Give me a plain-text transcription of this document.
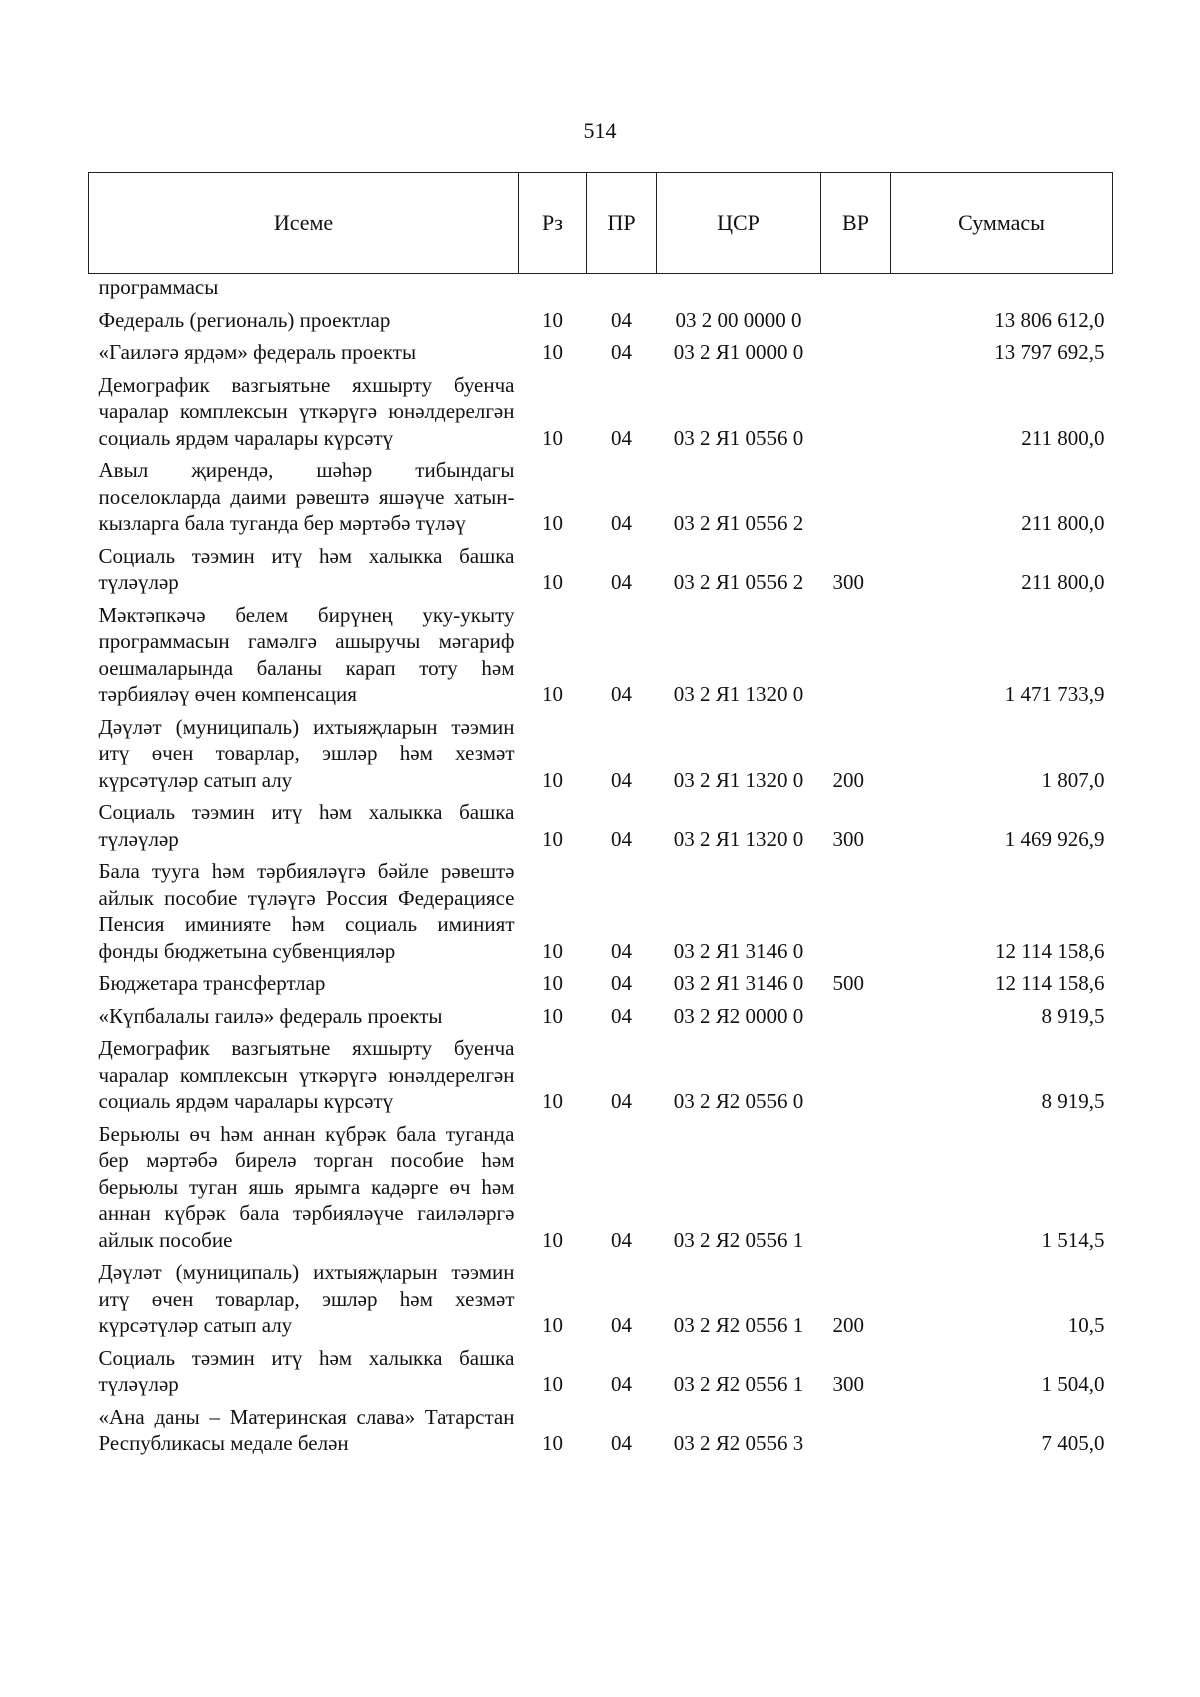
514
Исеме	Рз	ПР	ЦСР	ВР	Суммасы
программасы					
Федераль (региональ) проектлар	10	04	03 2 00 0000 0		13 806 612,0
«Гаиләгә ярдәм» федераль проекты	10	04	03 2 Я1 0000 0		13 797 692,5
Демографик вазгыятьне яхшырту буенча чаралар комплексын үткәрүгә юнәлдерелгән социаль ярдәм чаралары күрсәтү	10	04	03 2 Я1 0556 0		211 800,0
Авыл җирендә, шәһәр тибындагы поселокларда даими рәвештә яшәүче хатын-кызларга бала туганда бер мәртәбә түләү	10	04	03 2 Я1 0556 2		211 800,0
Социаль тәэмин итү һәм халыкка башка түләүләр	10	04	03 2 Я1 0556 2	300	211 800,0
Мәктәпкәчә белем бирүнең уку-укыту программасын гамәлгә ашыручы мәгариф оешмаларында баланы карап тоту һәм тәрбияләү өчен компенсация	10	04	03 2 Я1 1320 0		1 471 733,9
Дәүләт (муниципаль) ихтыяҗларын тәэмин итү өчен товарлар, эшләр һәм хезмәт күрсәтүләр сатып алу	10	04	03 2 Я1 1320 0	200	1 807,0
Социаль тәэмин итү һәм халыкка башка түләүләр	10	04	03 2 Я1 1320 0	300	1 469 926,9
Бала тууга һәм тәрбияләүгә бәйле рәвештә айлык пособие түләүгә Россия Федерациясе Пенсия иминияте һәм социаль иминият фонды бюджетына субвенцияләр	10	04	03 2 Я1 3146 0		12 114 158,6
Бюджетара трансфертлар	10	04	03 2 Я1 3146 0	500	12 114 158,6
«Күпбалалы гаилә» федераль проекты	10	04	03 2 Я2 0000 0		8 919,5
Демографик вазгыятьне яхшырту буенча чаралар комплексын үткәрүгә юнәлдерелгән социаль ярдәм чаралары күрсәтү	10	04	03 2 Я2 0556 0		8 919,5
Берьюлы өч һәм аннан күбрәк бала туганда бер мәртәбә бирелә торган пособие һәм берьюлы туган яшь ярымга кадәрге өч һәм аннан күбрәк бала тәрбияләүче гаиләләргә айлык пособие	10	04	03 2 Я2 0556 1		1 514,5
Дәүләт (муниципаль) ихтыяҗларын тәэмин итү өчен товарлар, эшләр һәм хезмәт күрсәтүләр сатып алу	10	04	03 2 Я2 0556 1	200	10,5
Социаль тәэмин итү һәм халыкка башка түләүләр	10	04	03 2 Я2 0556 1	300	1 504,0
«Ана даны – Материнская слава» Татарстан Республикасы медале белән	10	04	03 2 Я2 0556 3		7 405,0
